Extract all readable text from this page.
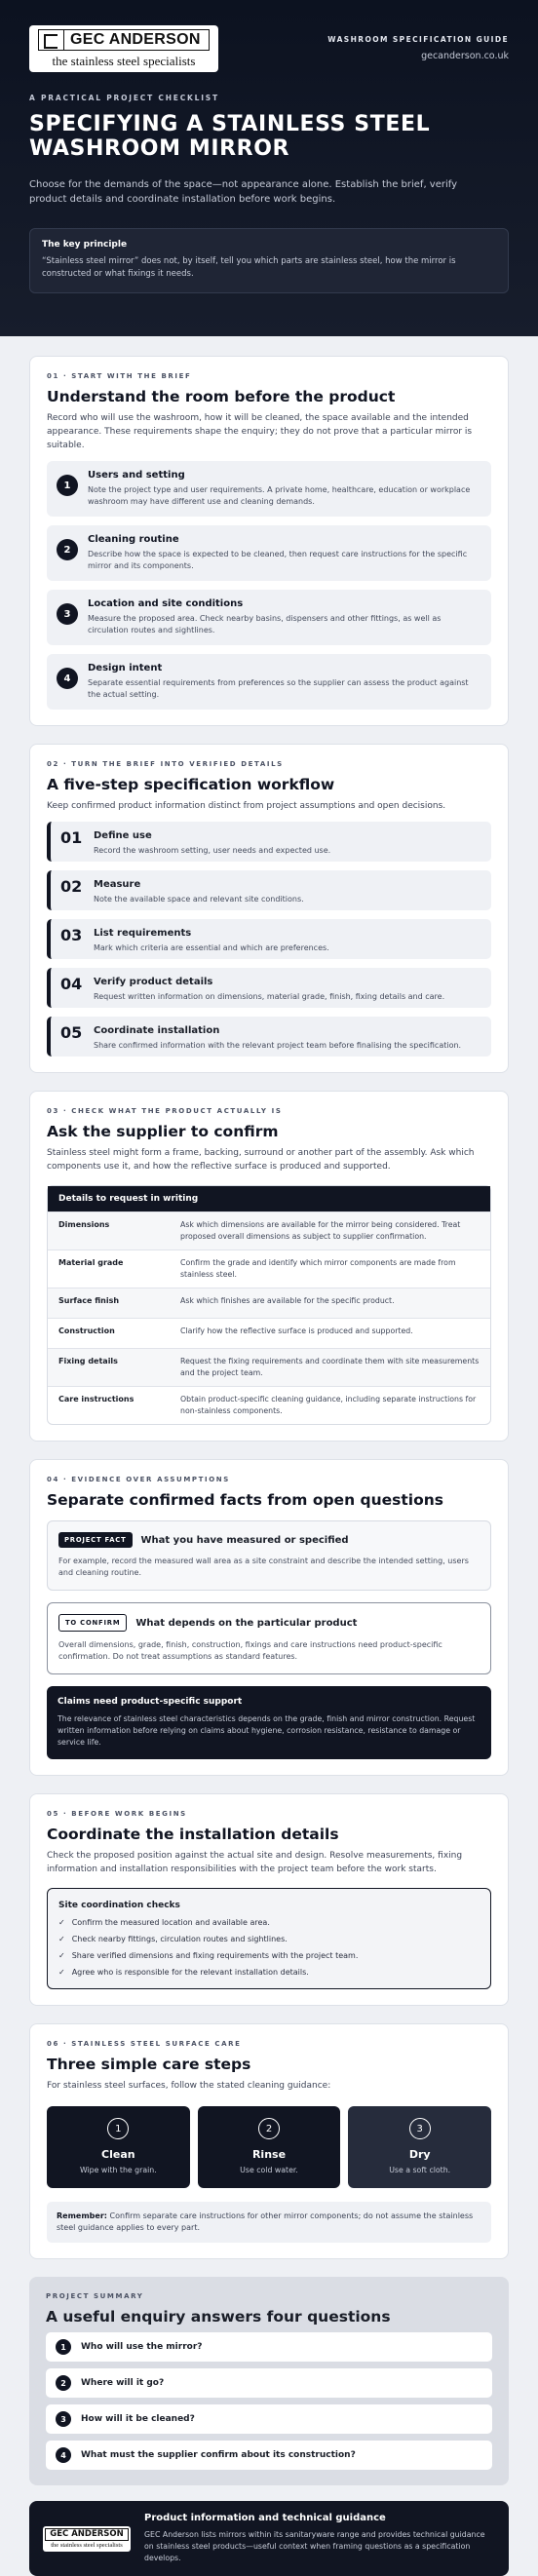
GEC ANDERSON
the stainless steel specialists
WASHROOM SPECIFICATION GUIDE
gecanderson.co.uk
A PRACTICAL PROJECT CHECKLIST
SPECIFYING A STAINLESS STEEL WASHROOM MIRROR

Choose for the demands of the space—not appearance alone. Establish the brief, verify product details and coordinate installation before work begins.

The key principle

“Stainless steel mirror” does not, by itself, tell you which parts are stainless steel, how the mirror is constructed or what fixings it needs.

01 · START WITH THE BRIEF
Understand the room before the product

Record who will use the washroom, how it will be cleaned, the space available and the intended appearance. These requirements shape the enquiry; they do not prove that a particular mirror is suitable.

1
Users and setting
Note the project type and user requirements. A private home, healthcare, education or workplace washroom may have different use and cleaning demands.
2
Cleaning routine
Describe how the space is expected to be cleaned, then request care instructions for the specific mirror and its components.
3
Location and site conditions
Measure the proposed area. Check nearby basins, dispensers and other fittings, as well as circulation routes and sightlines.
4
Design intent
Separate essential requirements from preferences so the supplier can assess the product against the actual setting.
02 · TURN THE BRIEF INTO VERIFIED DETAILS
A five-step specification workflow

Keep confirmed product information distinct from project assumptions and open decisions.

01 Define use
Record the washroom setting, user needs and expected use.
02 Measure
Note the available space and relevant site conditions.
03 List requirements
Mark which criteria are essential and which are preferences.
04 Verify product details
Request written information on dimensions, material grade, finish, fixing details and care.
05 Coordinate installation
Share confirmed information with the relevant project team before finalising the specification.
03 · CHECK WHAT THE PRODUCT ACTUALLY IS
Ask the supplier to confirm

Stainless steel might form a frame, backing, surround or another part of the assembly. Ask which components use it, and how the reflective surface is produced and supported.

Details to request in writing
Dimensions	Ask which dimensions are available for the mirror being considered. Treat proposed overall dimensions as subject to supplier confirmation.
Material grade	Confirm the grade and identify which mirror components are made from stainless steel.
Surface finish	Ask which finishes are available for the specific product.
Construction	Clarify how the reflective surface is produced and supported.
Fixing details	Request the fixing requirements and coordinate them with site measurements and the project team.
Care instructions	Obtain product-specific cleaning guidance, including separate instructions for non-stainless components.
04 · EVIDENCE OVER ASSUMPTIONS
Separate confirmed facts from open questions
PROJECT FACT	What you have measured or specified

For example, record the measured wall area as a site constraint and describe the intended setting, users and cleaning routine.

TO CONFIRM	What depends on the particular product

Overall dimensions, grade, finish, construction, fixings and care instructions need product-specific confirmation. Do not treat assumptions as standard features.

Claims need product-specific support

The relevance of stainless steel characteristics depends on the grade, finish and mirror construction. Request written information before relying on claims about hygiene, corrosion resistance, resistance to damage or service life.

05 · BEFORE WORK BEGINS
Coordinate the installation details

Check the proposed position against the actual site and design. Resolve measurements, fixing information and installation responsibilities with the project team before the work starts.

Site coordination checks
✓ Confirm the measured location and available area.
✓ Check nearby fittings, circulation routes and sightlines.
✓ Share verified dimensions and fixing requirements with the project team.
✓ Agree who is responsible for the relevant installation details.
06 · STAINLESS STEEL SURFACE CARE
Three simple care steps

For stainless steel surfaces, follow the stated cleaning guidance:

1
Clean
Wipe with the grain.
2
Rinse
Use cold water.
3
Dry
Use a soft cloth.
Remember: Confirm separate care instructions for other mirror components; do not assume the stainless steel guidance applies to every part.
PROJECT SUMMARY
A useful enquiry answers four questions
1	Who will use the mirror?
2	Where will it go?
3	How will it be cleaned?
4	What must the supplier confirm about its construction?
GEC ANDERSON
the stainless steel specialists
Product information and technical guidance

GEC Anderson lists mirrors within its sanitaryware range and provides technical guidance on stainless steel products—useful context when framing questions as a specification develops.
